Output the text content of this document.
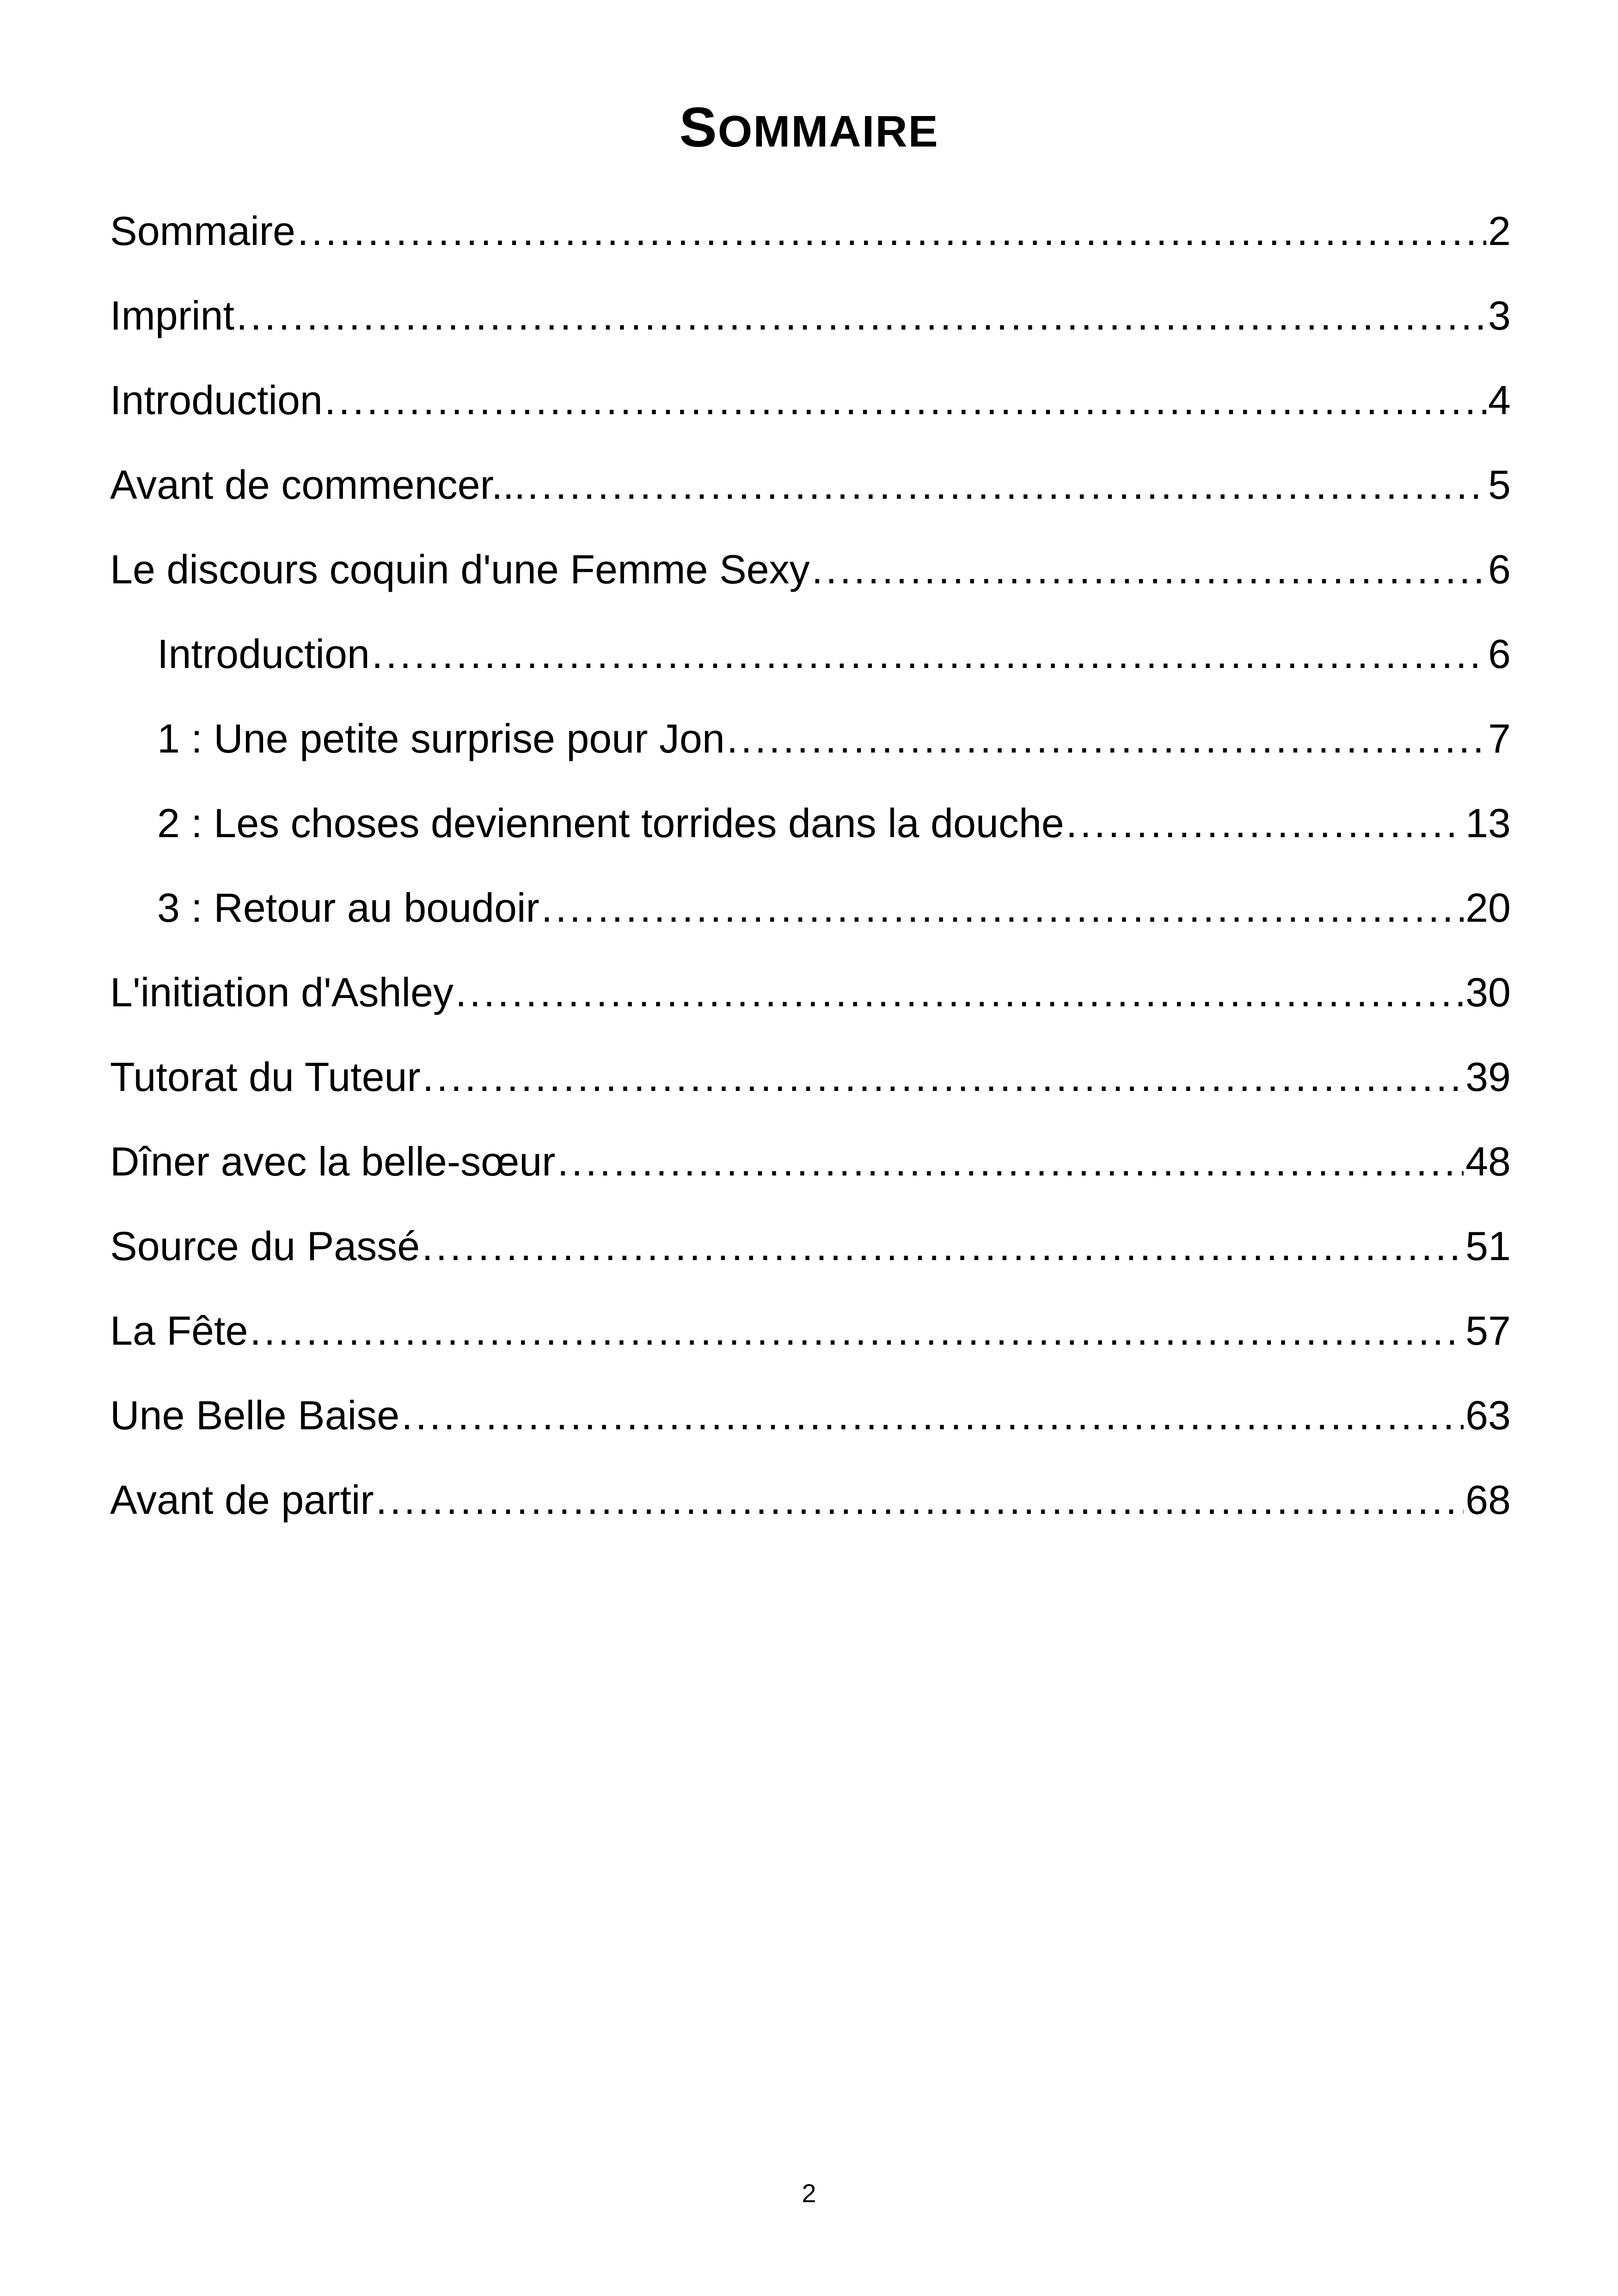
SOMMAIRE
Sommaire .....	2
Imprint .....	3
Introduction .....	4
Avant de commencer... .....	5
Le discours coquin d'une Femme Sexy .....	6
Introduction .....	6
1 : Une petite surprise pour Jon .....	7
2 : Les choses deviennent torrides dans la douche .....	13
3 : Retour au boudoir .....	20
L'initiation d'Ashley .....	30
Tutorat du Tuteur .....	39
Dîner avec la belle-sœur .....	48
Source du Passé .....	51
La Fête .....	57
Une Belle Baise .....	63
Avant de partir .....	68
2
